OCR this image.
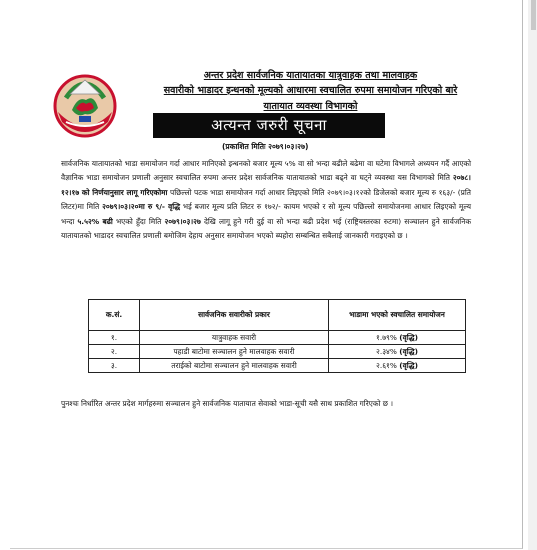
अन्तर प्रदेश सार्वजनिक यातायातका यात्रुवाहक तथा मालवाहक
सवारीको भाडादर इन्धनको मूल्यको आधारमा स्वचालित रुपमा समायोजन गरिएको बारे
यातायात व्यवस्था विभागको
अत्यन्त जरुरी सूचना
(प्रकाशित मितिः २०७९।०३।२७)
सार्वजनिक यातायातको भाडा समायोजन गर्दा आधार मानिएको इन्धनको बजार मूल्य ५% वा सो भन्दा बढीले बढेमा वा घटेमा विभागले अध्ययन गर्दै आएको वैज्ञानिक भाडा समायोजन प्रणाली अनुसार स्वचालित रुपमा अन्तर प्रदेश सार्वजनिक यातायातको भाडा बढ्ने वा घट्ने व्यवस्था यस विभागको मिति २०७८।१२।१७ को निर्णयानुसार लागू गरिएकोमा पछिल्लो पटक भाडा समायोजन गर्दा आधार लिइएको मिति २०७९।०३।१२को डिजेलको बजार मूल्य रु १६३/- (प्रति लिटर)मा मिति २०७९।०३।२०मा रु ९/- वृद्धि भई बजार मूल्य प्रति लिटर रु १७२/- कायम भएको र सो मूल्य पछिल्लो समायोजनमा आधार लिइएको मूल्य भन्दा ५.५२% बढी भएको हुँदा मिति २०७९।०३।२७ देखि लागू हुने गरी दुई वा सो भन्दा बढी प्रदेश भई (राष्ट्रियस्तरका रुटमा) सञ्चालन हुने सार्वजनिक यातायातको भाडादर स्वचालित प्रणाली बमोजिम देहाय अनुसार समायोजन भएको ब्यहोरा सम्बन्धित सबैलाई जानकारी गराइएको छ ।
क.सं.	सार्वजनिक सवारीको प्रकार	भाडामा भएको स्वचालित समायोजन
१.	यात्रुवाहक सवारी	१.७९% (वृद्धि)
२.	पहाडी बाटोमा सञ्चालन हुने मालवाहक सवारी	२.३४% (वृद्धि)
३.	तराईको बाटोमा सञ्चालन हुने मालवाहक सवारी	२.६१% (वृद्धि)
पुनश्चः निर्धारित अन्तर प्रदेश मार्गहरुमा सञ्चालन हुने सार्वजनिक यातायात सेवाको भाडा-सूची यसै साथ प्रकाशित गरिएको छ ।
